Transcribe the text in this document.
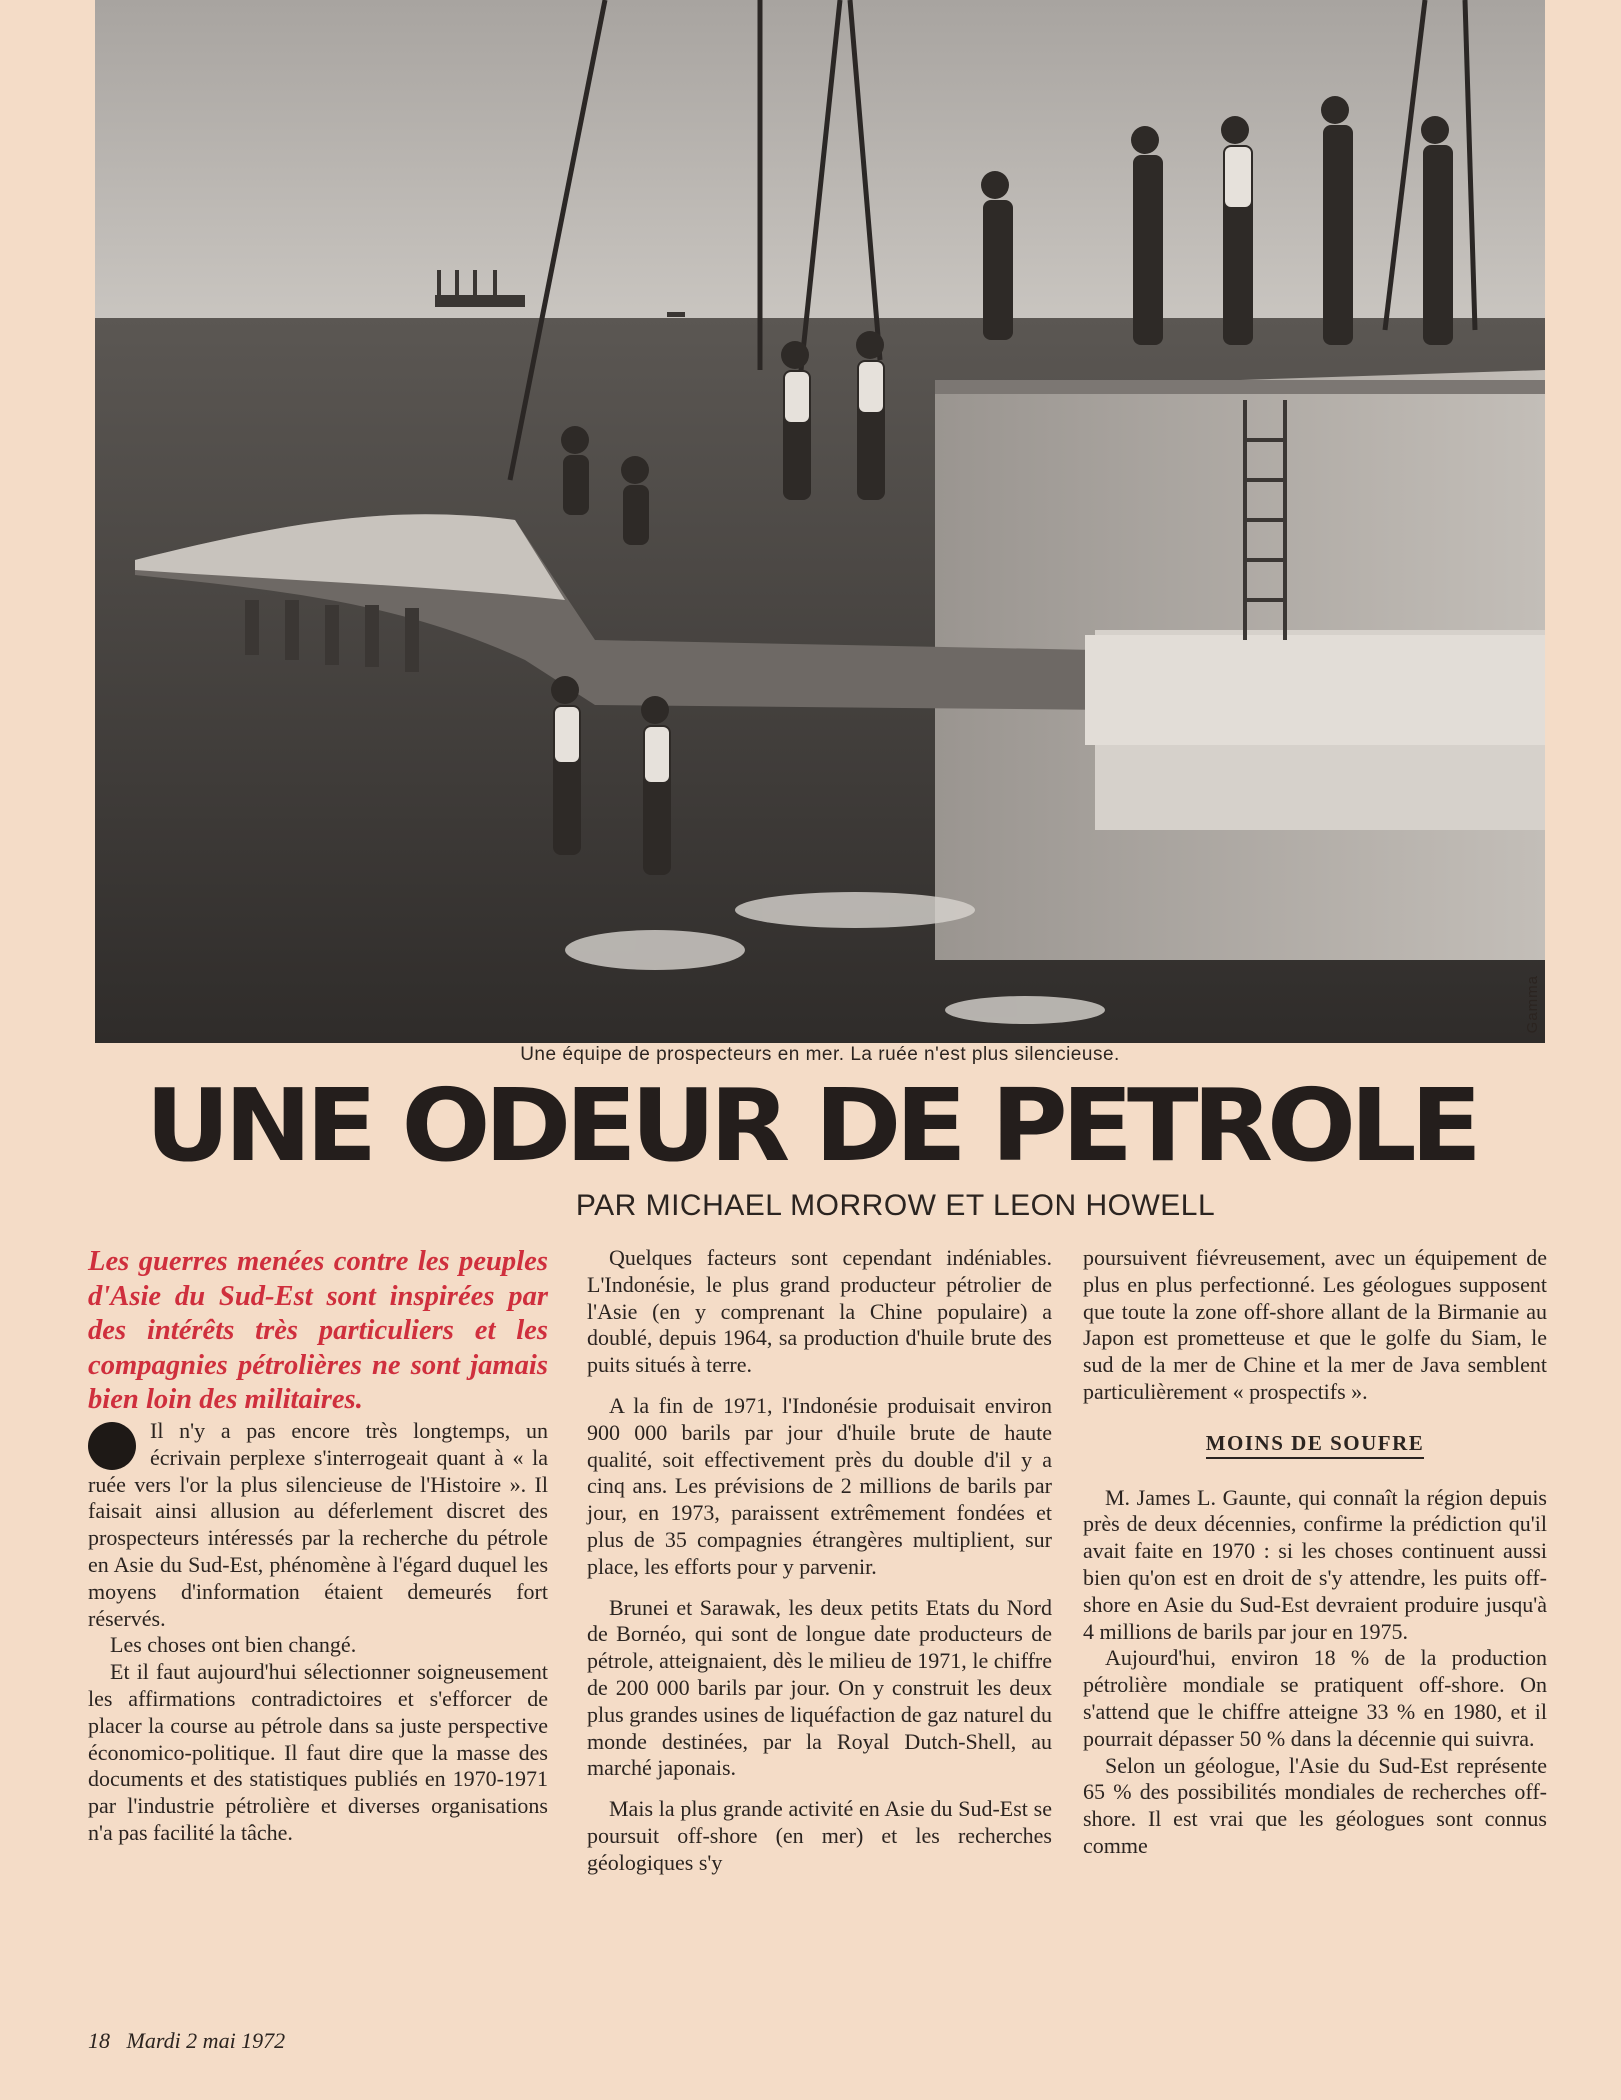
Gamma
Une équipe de prospecteurs en mer. La ruée n'est plus silencieuse.
UNE ODEUR DE PETROLE
PAR MICHAEL MORROW ET LEON HOWELL

Les guerres menées contre les peuples d'Asie du Sud-Est sont inspirées par des intérêts très particuliers et les compagnies pétrolières ne sont jamais bien loin des militaires.

Il n'y a pas encore très longtemps, un écrivain perplexe s'interrogeait quant à « la ruée vers l'or la plus silencieuse de l'Histoire ». Il faisait ainsi allusion au déferlement discret des prospecteurs intéressés par la recherche du pétrole en Asie du Sud-Est, phénomène à l'égard duquel les moyens d'information étaient demeurés fort réservés.

Les choses ont bien changé.

Et il faut aujourd'hui sélectionner soigneusement les affirmations contradictoires et s'efforcer de placer la course au pétrole dans sa juste perspective économico-politique. Il faut dire que la masse des documents et des statistiques publiés en 1970-1971 par l'industrie pétrolière et diverses organisations n'a pas facilité la tâche.

Quelques facteurs sont cependant indéniables. L'Indonésie, le plus grand producteur pétrolier de l'Asie (en y comprenant la Chine populaire) a doublé, depuis 1964, sa production d'huile brute des puits situés à terre.

A la fin de 1971, l'Indonésie produisait environ 900 000 barils par jour d'huile brute de haute qualité, soit effectivement près du double d'il y a cinq ans. Les prévisions de 2 millions de barils par jour, en 1973, paraissent extrêmement fondées et plus de 35 compagnies étrangères multiplient, sur place, les efforts pour y parvenir.

Brunei et Sarawak, les deux petits Etats du Nord de Bornéo, qui sont de longue date producteurs de pétrole, atteignaient, dès le milieu de 1971, le chiffre de 200 000 barils par jour. On y construit les deux plus grandes usines de liquéfaction de gaz naturel du monde destinées, par la Royal Dutch-Shell, au marché japonais.

Mais la plus grande activité en Asie du Sud-Est se poursuit off-shore (en mer) et les recherches géologiques s'y

poursuivent fiévreusement, avec un équipement de plus en plus perfectionné. Les géologues supposent que toute la zone off-shore allant de la Birmanie au Japon est prometteuse et que le golfe du Siam, le sud de la mer de Chine et la mer de Java semblent particulièrement « prospectifs ».

MOINS DE SOUFRE

M. James L. Gaunte, qui connaît la région depuis près de deux décennies, confirme la prédiction qu'il avait faite en 1970 : si les choses continuent aussi bien qu'on est en droit de s'y attendre, les puits off-shore en Asie du Sud-Est devraient produire jusqu'à 4 millions de barils par jour en 1975.

Aujourd'hui, environ 18 % de la production pétrolière mondiale se pratiquent off-shore. On s'attend que le chiffre atteigne 33 % en 1980, et il pourrait dépasser 50 % dans la décennie qui suivra.

Selon un géologue, l'Asie du Sud-Est représente 65 % des possibilités mondiales de recherches off-shore. Il est vrai que les géologues sont connus comme

18 Mardi 2 mai 1972
